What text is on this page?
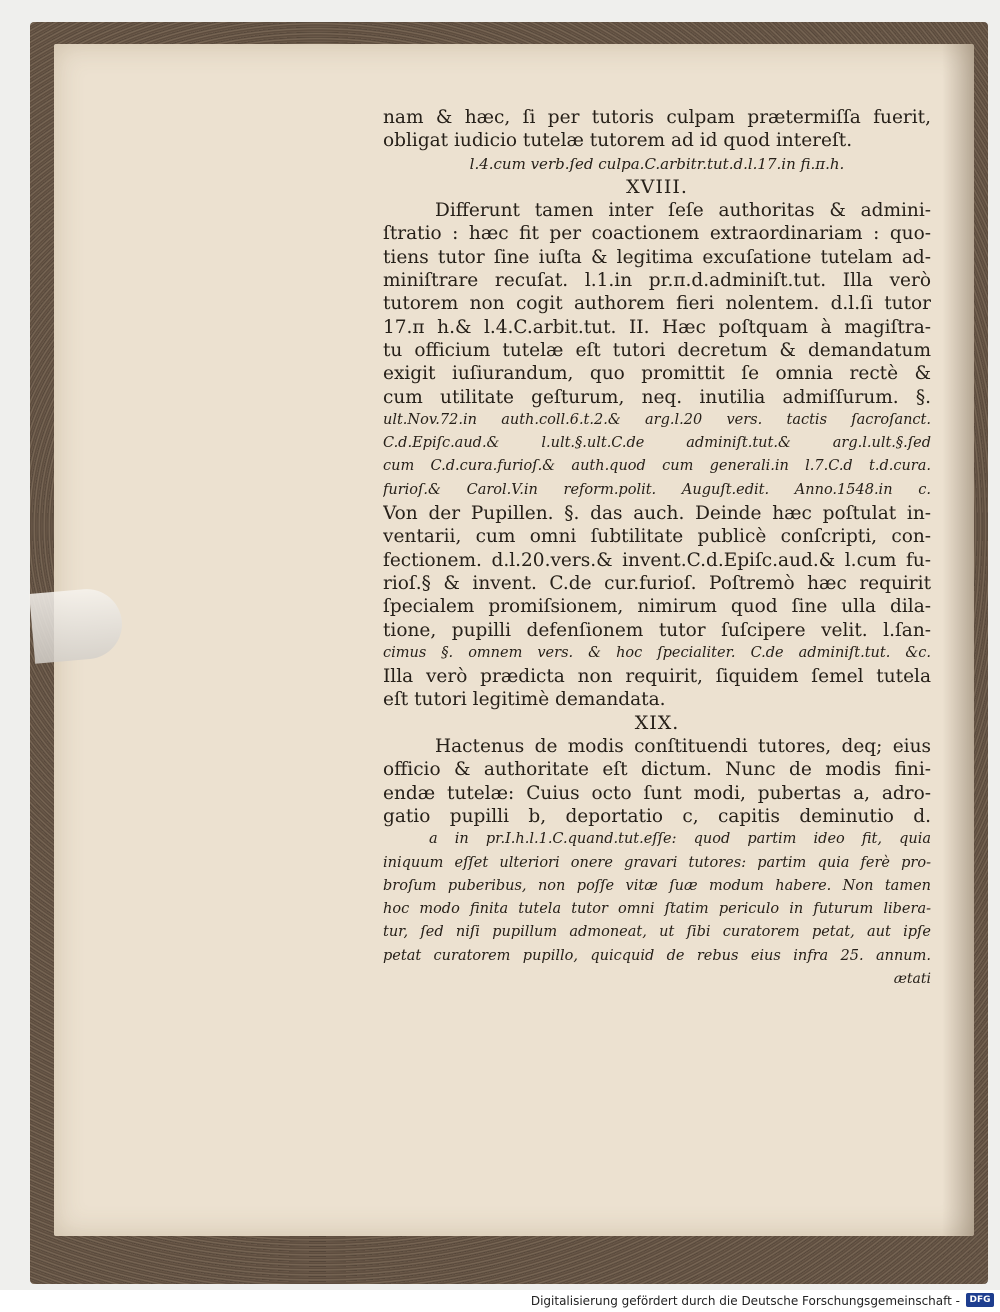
nam & hæc, ſi per tutoris culpam prætermiſſa fuerit,
obligat iudicio tutelæ tutorem ad id quod intereſt.
l.4.cum verb.ſed culpa.C.arbitr.tut.d.l.17.in fi.π.h.
XVIII.
Differunt tamen inter ſeſe authoritas & admini-
ſtratio : hæc fit per coactionem extraordinariam : quo-
tiens tutor ſine iuſta & legitima excuſatione tutelam ad-
miniſtrare recuſat. l.1.in pr.π.d.adminiſt.tut. Illa verò
tutorem non cogit authorem fieri nolentem. d.l.ſi tutor
17.π h.& l.4.C.arbit.tut. II. Hæc poſtquam à magiſtra-
tu officium tutelæ eſt tutori decretum & demandatum
exigit iuſiurandum, quo promittit ſe omnia rectè &
cum utilitate geſturum, neq. inutilia admiſſurum. §.
ult.Nov.72.in auth.coll.6.t.2.& arg.l.20 vers. tactis ſacroſanct.
C.d.Epiſc.aud.& l.ult.§.ult.C.de adminiſt.tut.& arg.l.ult.§.ſed
cum C.d.cura.furioſ.& auth.quod cum generali.in l.7.C.d t.d.cura.
furioſ.& Carol.V.in reform.polit. Auguſt.edit. Anno.1548.in c.
Von der Pupillen. §. das auch. Deinde hæc poſtulat in-
ventarii, cum omni ſubtilitate publicè conſcripti, con-
fectionem. d.l.20.vers.& invent.C.d.Epiſc.aud.& l.cum fu-
rioſ.§ & invent. C.de cur.furioſ. Poſtremò hæc requirit
ſpecialem promiſsionem, nimirum quod ſine ulla dila-
tione, pupilli defenſionem tutor ſuſcipere velit. l.ſan-
cimus §. omnem vers. & hoc ſpecialiter. C.de adminiſt.tut. &c.
Illa verò prædicta non requirit, ſiquidem ſemel tutela
eſt tutori legitimè demandata.
XIX.
Hactenus de modis conſtituendi tutores, deq; eius
officio & authoritate eſt dictum. Nunc de modis fini-
endæ tutelæ: Cuius octo ſunt modi, pubertas a, adro-
gatio pupilli b, deportatio c, capitis deminutio d.
a in pr.I.h.l.1.C.quand.tut.eſſe: quod partim ideo fit, quia
iniquum eſſet ulteriori onere gravari tutores: partim quia ferè pro-
broſum puberibus, non poſſe vitæ ſuæ modum habere. Non tamen
hoc modo finita tutela tutor omni ſtatim periculo in futurum libera-
tur, ſed niſi pupillum admoneat, ut ſibi curatorem petat, aut ipſe
petat curatorem pupillo, quicquid de rebus eius infra 25. annum.
ætati
Digitalisierung gefördert durch die Deutsche Forschungsgemeinschaft -	DFG
